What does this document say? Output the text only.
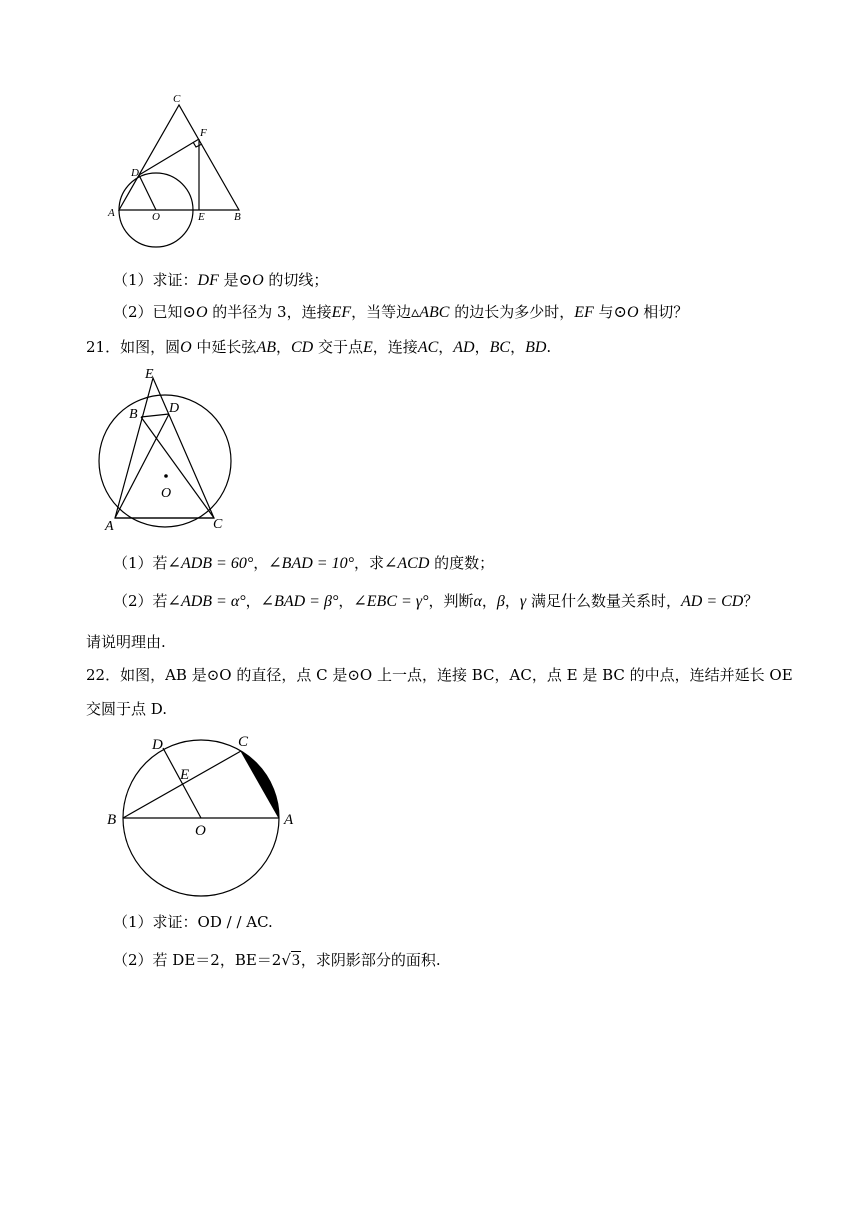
C
F
D
A	O	E	B
（1）求证：DF 是⊙O 的切线；
（2）已知⊙O 的半径为 3，连接EF，当等边▵ABC 的边长为多少时，EF 与⊙O 相切？
21．如图，圆O 中延长弦AB，CD 交于点E，连接AC，AD，BC，BD.
E
B D
O
A	C
（1）若∠ADB = 60°，∠BAD = 10°，求∠ACD 的度数；
（2）若∠ADB = α°，∠BAD = β°，∠EBC = γ°，判断α，β，γ 满足什么数量关系时，AD = CD？
请说明理由.
22．如图，AB 是⊙O 的直径，点 C 是⊙O 上一点，连接 BC，AC，点 E 是 BC 的中点，连结并延长 OE
交圆于点 D.
D	C
E
B
O
A
（1）求证：OD / / AC.
（2）若 DE＝2，BE＝2√3，求阴影部分的面积.
